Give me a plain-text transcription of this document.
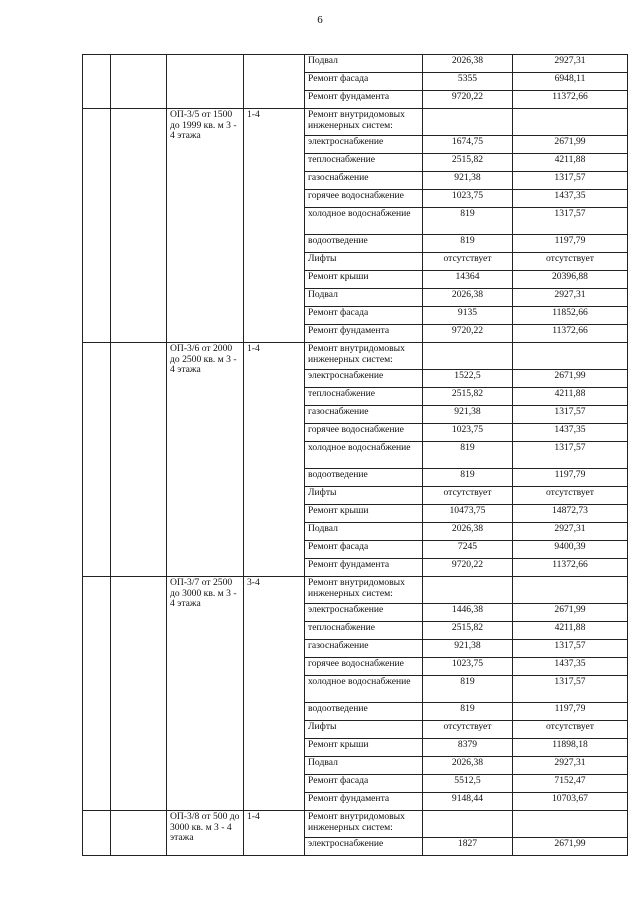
6
				Подвал	2026,38	2927,31
				Ремонт фасада	5355	6948,11
				Ремонт фундамента	9720,22	11372,66
		ОП-3/5 от 1500 до 1999 кв. м 3 - 4 этажа	1-4	Ремонт внутридомовых инженерных систем:		
				электроснабжение	1674,75	2671,99
				теплоснабжение	2515,82	4211,88
				газоснабжение	921,38	1317,57
				горячее водоснабжение	1023,75	1437,35
				холодное водоснабжение	819	1317,57
				водоотведение	819	1197,79
				Лифты	отсутствует	отсутствует
				Ремонт крыши	14364	20396,88
				Подвал	2026,38	2927,31
				Ремонт фасада	9135	11852,66
				Ремонт фундамента	9720,22	11372,66
		ОП-3/6 от 2000 до 2500 кв. м 3 - 4 этажа	1-4	Ремонт внутридомовых инженерных систем:		
				электроснабжение	1522,5	2671,99
				теплоснабжение	2515,82	4211,88
				газоснабжение	921,38	1317,57
				горячее водоснабжение	1023,75	1437,35
				холодное водоснабжение	819	1317,57
				водоотведение	819	1197,79
				Лифты	отсутствует	отсутствует
				Ремонт крыши	10473,75	14872,73
				Подвал	2026,38	2927,31
				Ремонт фасада	7245	9400,39
				Ремонт фундамента	9720,22	11372,66
		ОП-3/7 от 2500 до 3000 кв. м 3 - 4 этажа	3-4	Ремонт внутридомовых инженерных систем:		
				электроснабжение	1446,38	2671,99
				теплоснабжение	2515,82	4211,88
				газоснабжение	921,38	1317,57
				горячее водоснабжение	1023,75	1437,35
				холодное водоснабжение	819	1317,57
				водоотведение	819	1197,79
				Лифты	отсутствует	отсутствует
				Ремонт крыши	8379	11898,18
				Подвал	2026,38	2927,31
				Ремонт фасада	5512,5	7152,47
				Ремонт фундамента	9148,44	10703,67
		ОП-3/8 от 500 до 3000 кв. м 3 - 4 этажа	1-4	Ремонт внутридомовых инженерных систем:		
				электроснабжение	1827	2671,99
